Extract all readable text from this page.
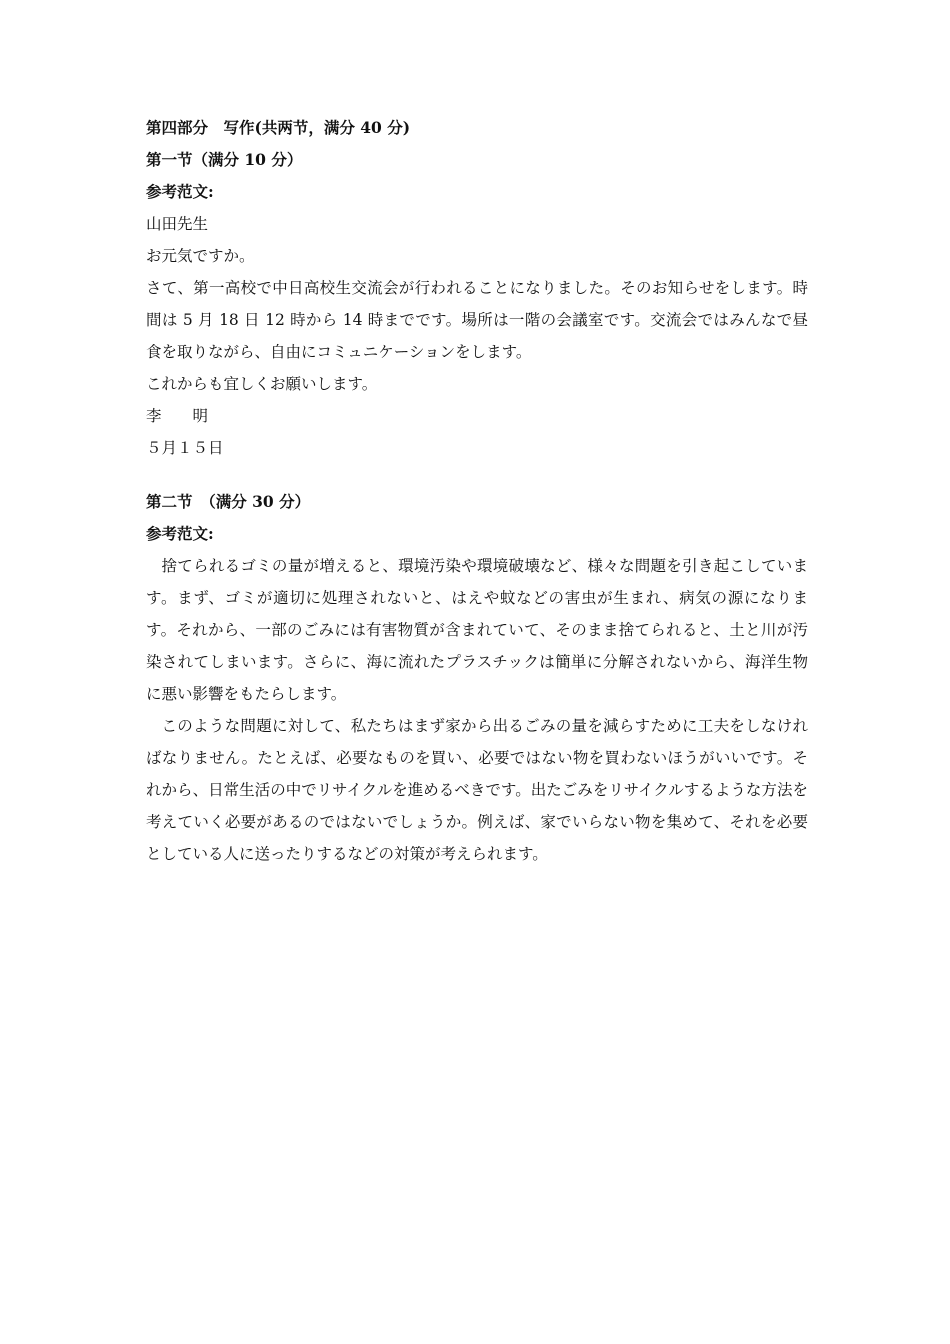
第四部分　写作(共两节，满分 40 分)
第一节（满分 10 分）
参考范文:
山田先生
お元気ですか。

さて、第一高校で中日高校生交流会が行われることになりました。そのお知らせをします。時間は 5 月 18 日 12 時から 14 時までです。場所は一階の会議室です。交流会ではみんなで昼食を取りながら、自由にコミュニケーションをします。

これからも宜しくお願いします。
李　　明
５月１５日
第二节　（满分 30 分）
参考范文:

捨てられるゴミの量が増えると、環境汚染や環境破壊など、様々な問題を引き起こしています。まず、ゴミが適切に処理されないと、はえや蚊などの害虫が生まれ、病気の源になります。それから、一部のごみには有害物質が含まれていて、そのまま捨てられると、土と川が汚染されてしまいます。さらに、海に流れたプラスチックは簡単に分解されないから、海洋生物に悪い影響をもたらします。

このような問題に対して、私たちはまず家から出るごみの量を減らすために工夫をしなければなりません。たとえば、必要なものを買い、必要ではない物を買わないほうがいいです。それから、日常生活の中でリサイクルを進めるべきです。出たごみをリサイクルするような方法を考えていく必要があるのではないでしょうか。例えば、家でいらない物を集めて、それを必要としている人に送ったりするなどの対策が考えられます。
